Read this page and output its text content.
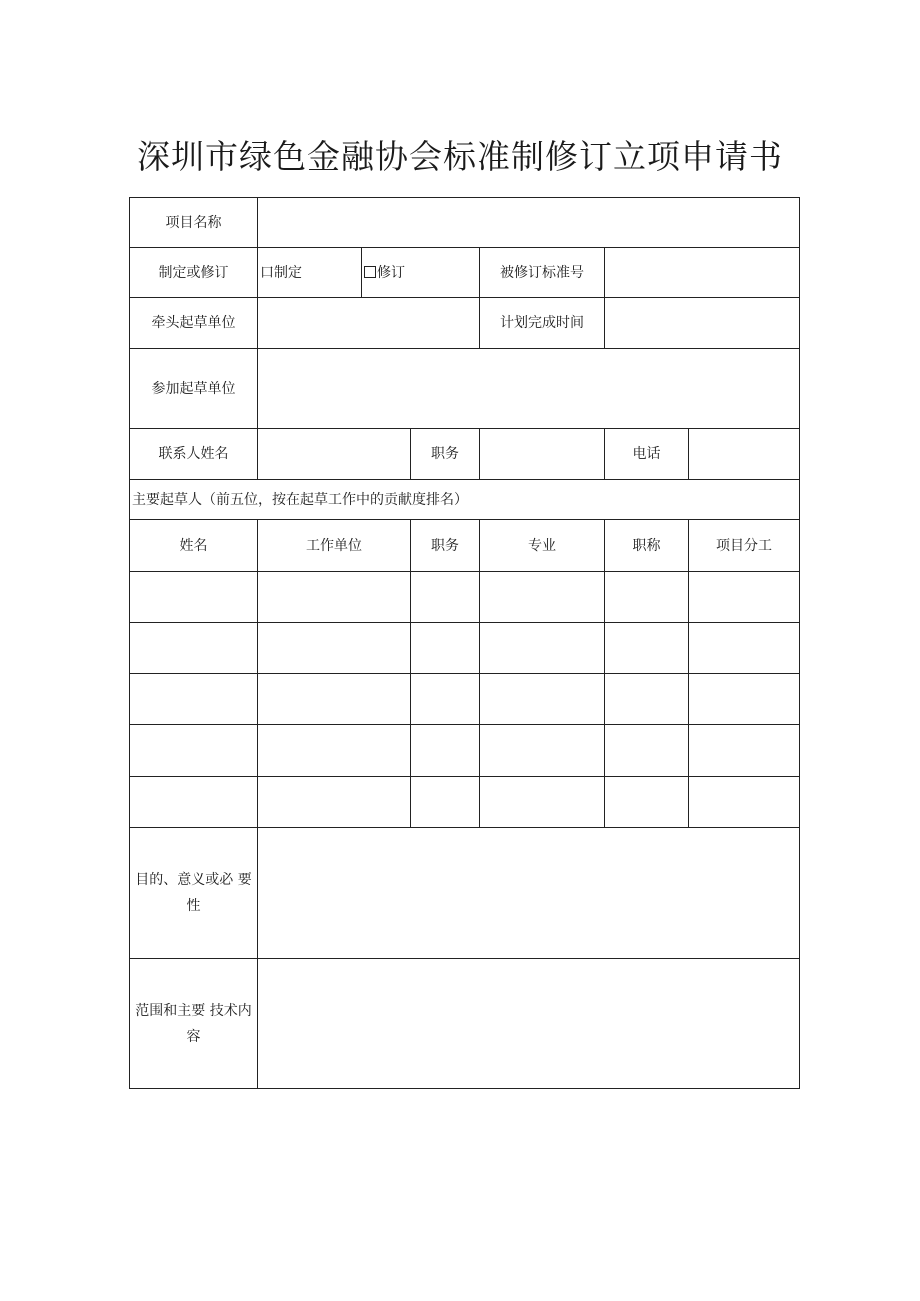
深圳市绿色金融协会标准制修订立项申请书
项目名称						
制定或修订	口制定	修订		被修订标准号		
牵头起草单位				计划完成时间		
参加起草单位						
联系人姓名			职务		电话	
主要起草人（前五位，按在起草工作中的贡献度排名）						
姓名	工作单位		职务	专业	职称	项目分工

目的、意义或必 要
性						
范围和主要 技术内
容						
